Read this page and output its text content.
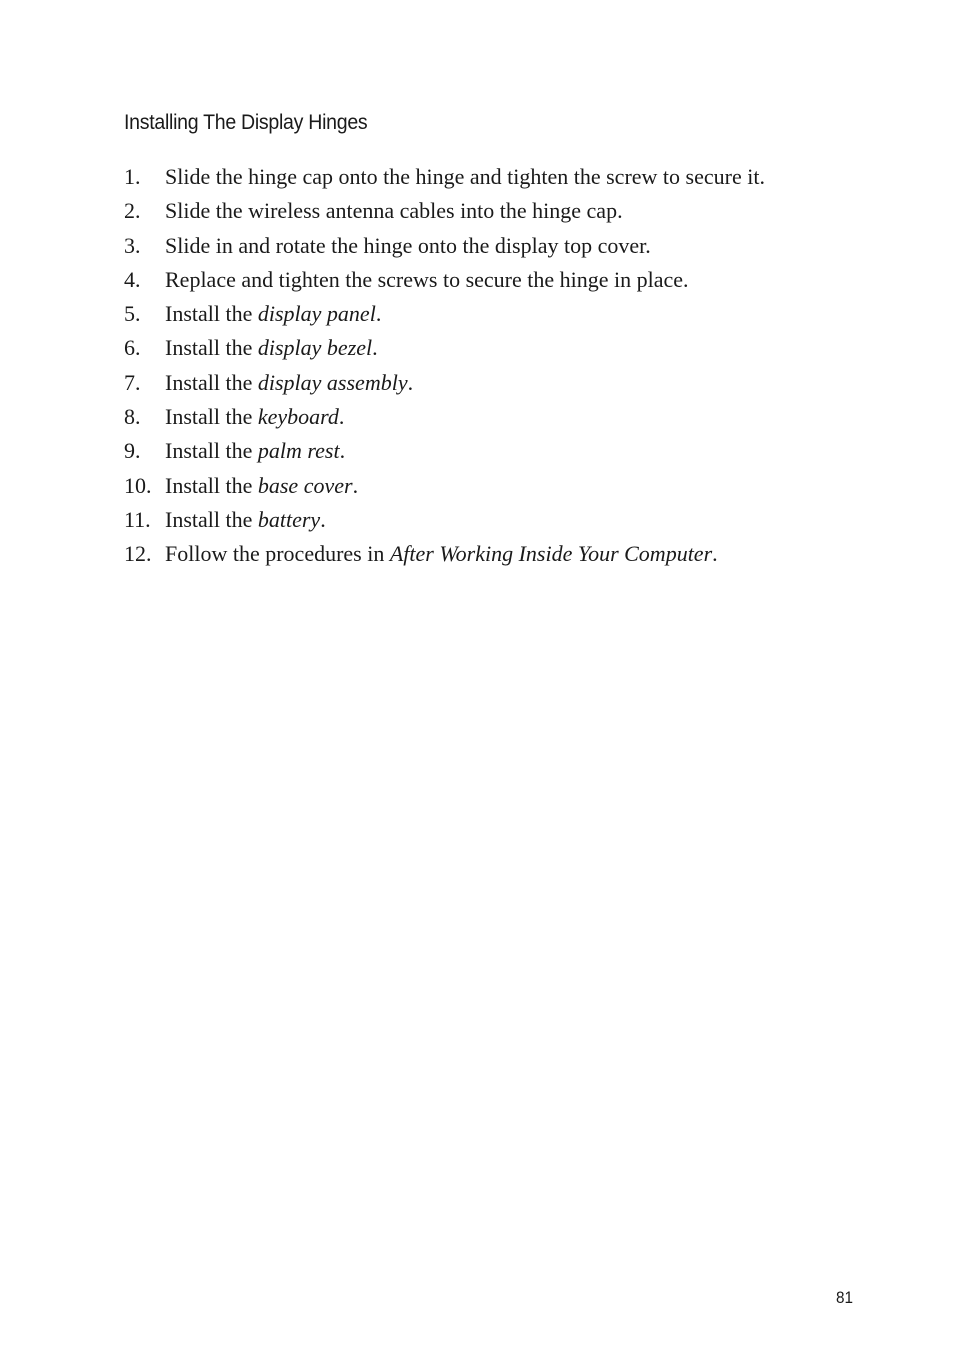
Installing The Display Hinges
1.	Slide the hinge cap onto the hinge and tighten the screw to secure it.
2.	Slide the wireless antenna cables into the hinge cap.
3.	Slide in and rotate the hinge onto the display top cover.
4.	Replace and tighten the screws to secure the hinge in place.
5.	Install the display panel.
6.	Install the display bezel.
7.	Install the display assembly.
8.	Install the keyboard.
9.	Install the palm rest.
10. Install the base cover.
11. Install the battery.
12. Follow the procedures in After Working Inside Your Computer.
81
